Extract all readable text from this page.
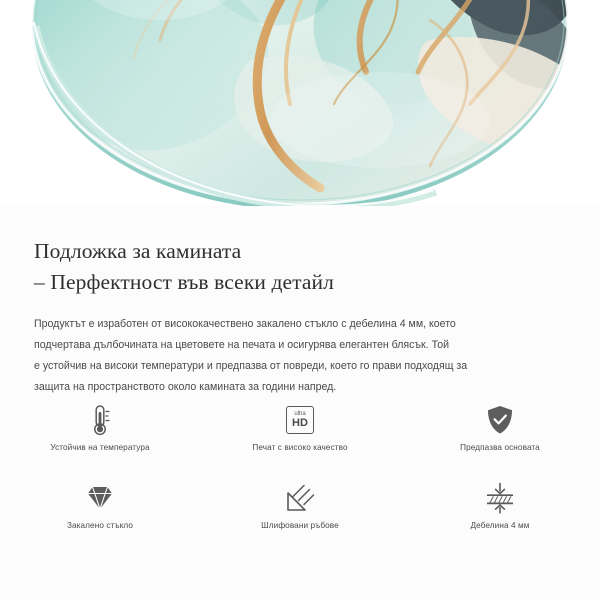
Подложка за камината
– Перфектност във всеки детайл

Продуктът е изработен от висококачествено закалено стъкло с дебелина 4 мм, което
подчертава дълбочината на цветовете на печата и осигурява елегантен блясък. Той
е устойчив на високи температури и предпазва от повреди, което го прави подходящ за
защита на пространството около камината за години напред.

Устойчив на температура
ultra
HD
Печат с високо качество	Предпазва основата
Закалено стъкло	Шлифовани ръбове	Дебелина 4 мм
